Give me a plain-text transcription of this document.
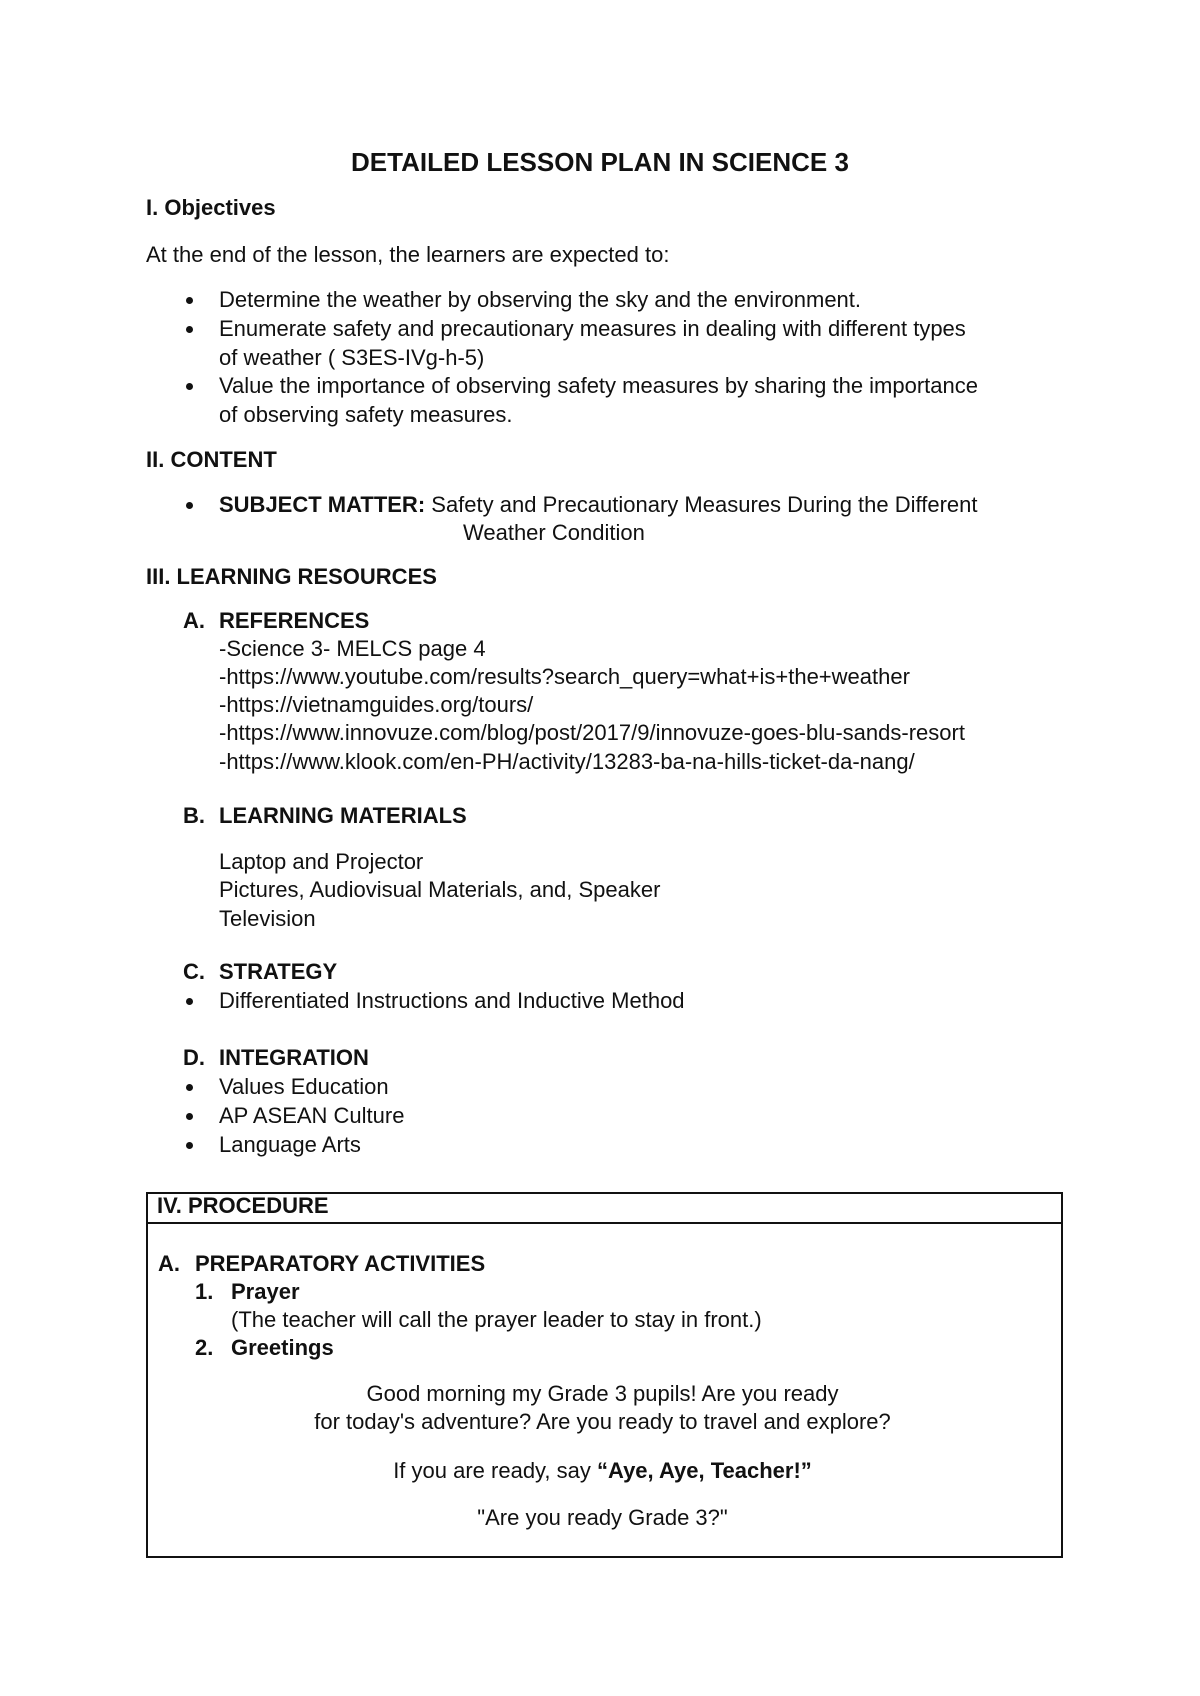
DETAILED LESSON PLAN IN SCIENCE 3
I. Objectives
At the end of the lesson, the learners are expected to:
Determine the weather by observing the sky and the environment.
Enumerate safety and precautionary measures in dealing with different types
of weather ( S3ES-IVg-h-5)
Value the importance of observing safety measures by sharing the importance
of observing safety measures.
II. CONTENT
SUBJECT MATTER: Safety and Precautionary Measures During the Different
Weather Condition
III. LEARNING RESOURCES
A. REFERENCES
-Science 3- MELCS page 4
-https://www.youtube.com/results?search_query=what+is+the+weather
-https://vietnamguides.org/tours/
-https://www.innovuze.com/blog/post/2017/9/innovuze-goes-blu-sands-resort
-https://www.klook.com/en-PH/activity/13283-ba-na-hills-ticket-da-nang/
B. LEARNING MATERIALS
Laptop and Projector
Pictures, Audiovisual Materials, and, Speaker
Television
C. STRATEGY
Differentiated Instructions and Inductive Method
D. INTEGRATION
Values Education
AP ASEAN Culture
Language Arts
IV. PROCEDURE
A. PREPARATORY ACTIVITIES
1. Prayer
(The teacher will call the prayer leader to stay in front.)
2. Greetings
Good morning my Grade 3 pupils! Are you ready
for today's adventure? Are you ready to travel and explore?
If you are ready, say “Aye, Aye, Teacher!”
"Are you ready Grade 3?"
